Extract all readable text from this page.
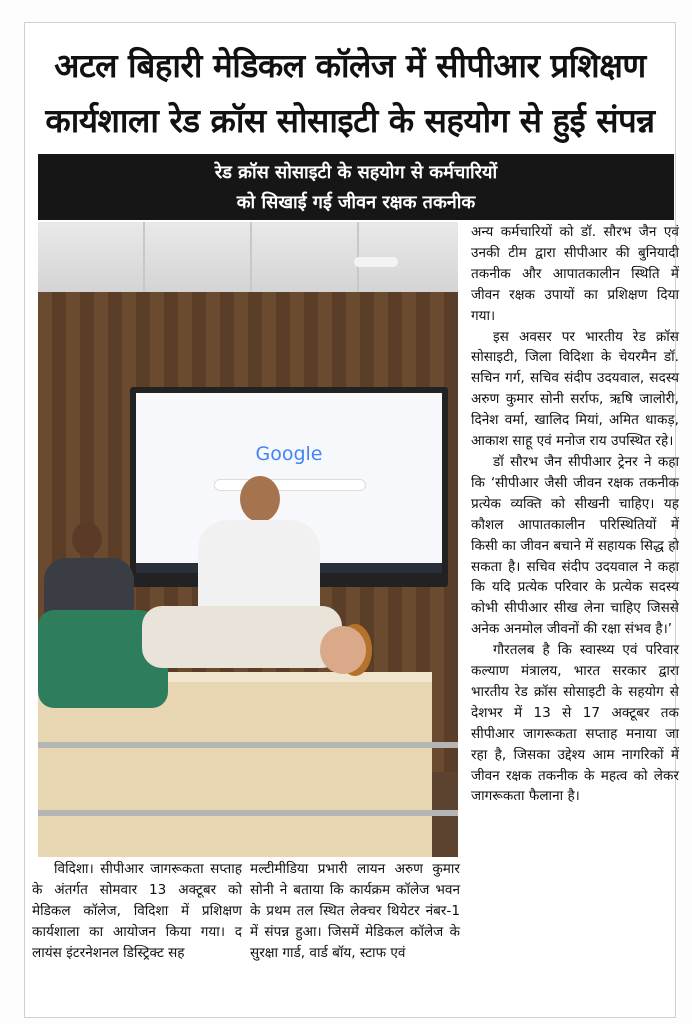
अटल बिहारी मेडिकल कॉलेज में सीपीआर प्रशिक्षण
कार्यशाला रेड क्रॉस सोसाइटी के सहयोग से हुई संपन्न
रेड क्रॉस सोसाइटी के सहयोग से कर्मचारियों
को सिखाई गई जीवन रक्षक तकनीक
Google

अन्य कर्मचारियों को डॉ. सौरभ जैन एवं उनकी टीम द्वारा सीपीआर की बुनियादी तकनीक और आपातकालीन स्थिति में जीवन रक्षक उपायों का प्रशिक्षण दिया गया।

इस अवसर पर भारतीय रेड क्रॉस सोसाइटी, जिला विदिशा के चेयरमैन डॉ. सचिन गर्ग, सचिव संदीप उदयवाल, सदस्य अरुण कुमार सोनी सर्राफ, ऋषि जालोरी, दिनेश वर्मा, खालिद मियां, अमित धाकड़, आकाश साहू एवं मनोज राय उपस्थित रहे।

डॉ सौरभ जैन सीपीआर ट्रेनर ने कहा कि ‘सीपीआर जैसी जीवन रक्षक तकनीक प्रत्येक व्यक्ति को सीखनी चाहिए। यह कौशल आपातकालीन परिस्थितियों में किसी का जीवन बचाने में सहायक सिद्ध हो सकता है। सचिव संदीप उदयवाल ने कहा कि यदि प्रत्येक परिवार के प्रत्येक सदस्य कोभी सीपीआर सीख लेना चाहिए जिससे अनेक अनमोल जीवनों की रक्षा संभव है।’

गौरतलब है कि स्वास्थ्य एवं परिवार कल्याण मंत्रालय, भारत सरकार द्वारा भारतीय रेड क्रॉस सोसाइटी के सहयोग से देशभर में 13 से 17 अक्टूबर तक सीपीआर जागरूकता सप्ताह मनाया जा रहा है, जिसका उद्देश्य आम नागरिकों में जीवन रक्षक तकनीक के महत्व को लेकर जागरूकता फैलाना है।

विदिशा। सीपीआर जागरूकता सप्ताह के अंतर्गत सोमवार 13 अक्टूबर को मेडिकल कॉलेज, विदिशा में प्रशिक्षण कार्यशाला का आयोजन किया गया। द लायंस इंटरनेशनल डिस्ट्रिक्ट सह

मल्टीमीडिया प्रभारी लायन अरुण कुमार सोनी ने बताया कि कार्यक्रम कॉलेज भवन के प्रथम तल स्थित लेक्चर थियेटर नंबर-1 में संपन्न हुआ। जिसमें मेडिकल कॉलेज के सुरक्षा गार्ड, वार्ड बॉय, स्टाफ एवं
